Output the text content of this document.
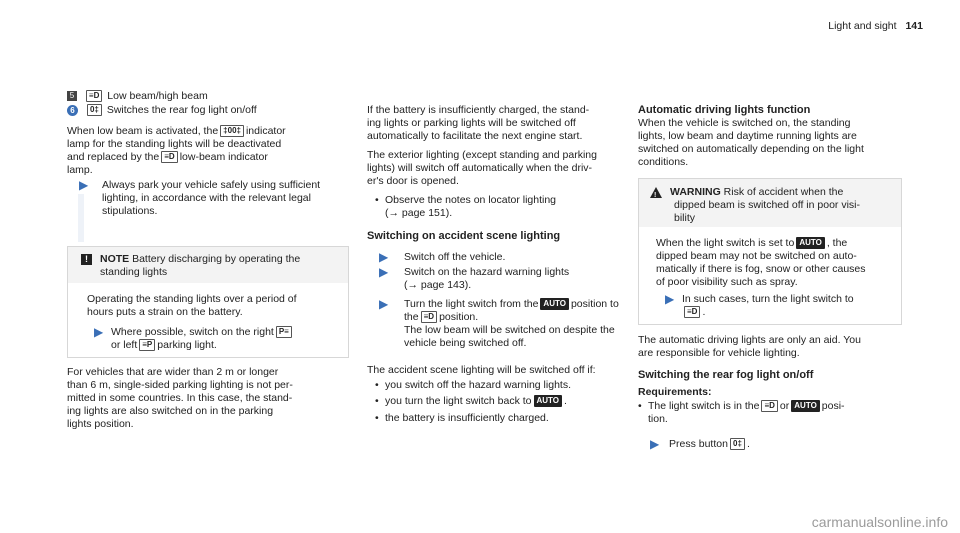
Light and sight 141
5 ≡D Low beam/high beam
6 0‡ Switches the rear fog light on/off
When low beam is activated, the ‡00‡ indicator
lamp for the standing lights will be deactivated
and replaced by the ≡D low-beam indicator
lamp.
▶ Always park your vehicle safely using sufficient
lighting, in accordance with the relevant legal
stipulations.
! NOTE Battery discharging by operating the
standing lights
Operating the standing lights over a period of
hours puts a strain on the battery.
▶ Where possible, switch on the right P≡
or left ≡P parking light.
For vehicles that are wider than 2 m or longer
than 6 m, single-sided parking lighting is not per‐
mitted in some countries. In this case, the stand‐
ing lights are also switched on in the parking
lights position.
If the battery is insufficiently charged, the stand‐
ing lights or parking lights will be switched off
automatically to facilitate the next engine start.
The exterior lighting (except standing and parking
lights) will switch off automatically when the driv‐
er's door is opened.
• Observe the notes on locator lighting
(→ page 151).
Switching on accident scene lighting
▶ Switch off the vehicle.
▶ Switch on the hazard warning lights
(→ page 143).
▶ Turn the light switch from the AUTO position to
the ≡D position.
The low beam will be switched on despite the
vehicle being switched off.
The accident scene lighting will be switched off if:
• you switch off the hazard warning lights.
• you turn the light switch back to AUTO .
• the battery is insufficiently charged.
Automatic driving lights function
When the vehicle is switched on, the standing
lights, low beam and daytime running lights are
switched on automatically depending on the light
conditions.
! WARNING Risk of accident when the
dipped beam is switched off in poor visi‐
bility
When the light switch is set to AUTO , the
dipped beam may not be switched on auto‐
matically if there is fog, snow or other causes
of poor visibility such as spray.
▶ In such cases, turn the light switch to
≡D .
The automatic driving lights are only an aid. You
are responsible for vehicle lighting.
Switching the rear fog light on/off
Requirements:
• The light switch is in the ≡D or AUTO posi‐
tion.
▶ Press button 0‡ .
carmanualsonline.info
